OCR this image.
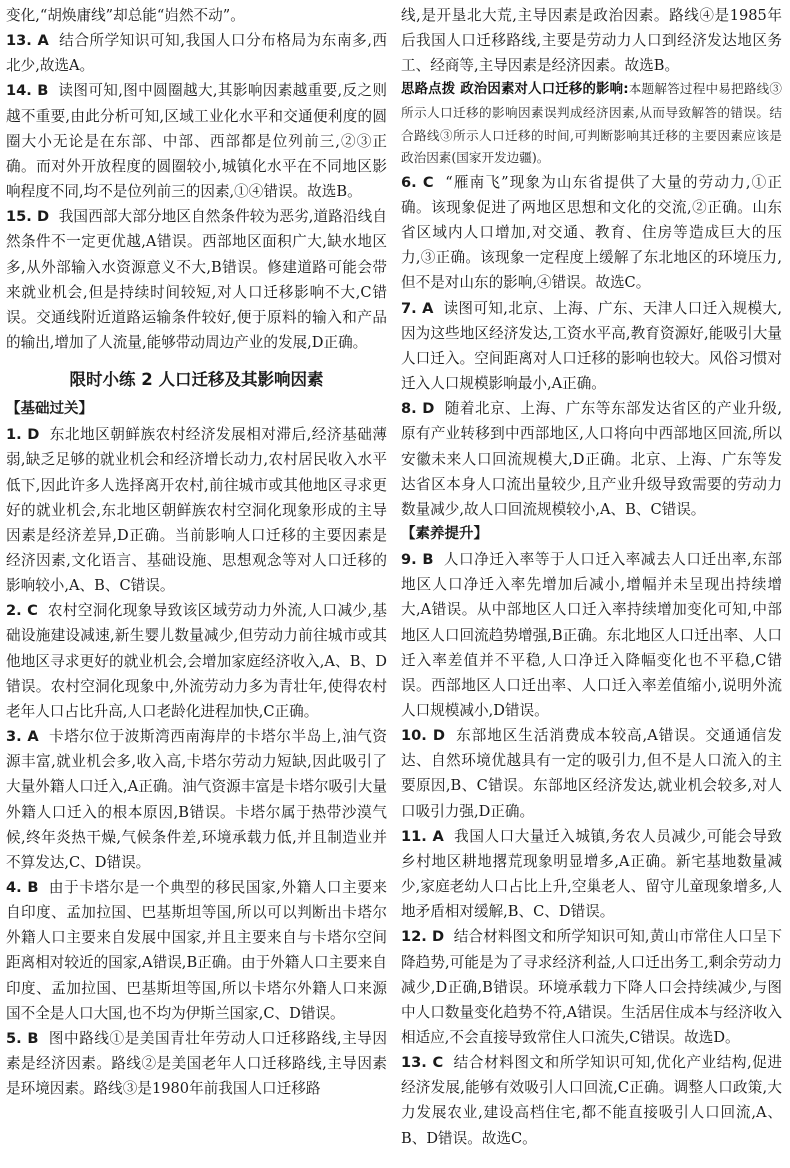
变化,“胡焕庸线”却总能“岿然不动”。

13. A 结合所学知识可知,我国人口分布格局为东南多,西北少,故选A。

14. B 读图可知,图中圆圈越大,其影响因素越重要,反之则越不重要,由此分析可知,区域工业化水平和交通便利度的圆圈大小无论是在东部、中部、西部都是位列前三,②③正确。而对外开放程度的圆圈较小,城镇化水平在不同地区影响程度不同,均不是位列前三的因素,①④错误。故选B。

15. D 我国西部大部分地区自然条件较为恶劣,道路沿线自然条件不一定更优越,A错误。西部地区面积广大,缺水地区多,从外部输入水资源意义不大,B错误。修建道路可能会带来就业机会,但是持续时间较短,对人口迁移影响不大,C错误。交通线附近道路运输条件较好,便于原料的输入和产品的输出,增加了人流量,能够带动周边产业的发展,D正确。

限时小练 2 人口迁移及其影响因素

【基础过关】

1. D 东北地区朝鲜族农村经济发展相对滞后,经济基础薄弱,缺乏足够的就业机会和经济增长动力,农村居民收入水平低下,因此许多人选择离开农村,前往城市或其他地区寻求更好的就业机会,东北地区朝鲜族农村空洞化现象形成的主导因素是经济差异,D正确。当前影响人口迁移的主要因素是经济因素,文化语言、基础设施、思想观念等对人口迁移的影响较小,A、B、C错误。

2. C 农村空洞化现象导致该区域劳动力外流,人口减少,基础设施建设减速,新生婴儿数量减少,但劳动力前往城市或其他地区寻求更好的就业机会,会增加家庭经济收入,A、B、D错误。农村空洞化现象中,外流劳动力多为青壮年,使得农村老年人口占比升高,人口老龄化进程加快,C正确。

3. A 卡塔尔位于波斯湾西南海岸的卡塔尔半岛上,油气资源丰富,就业机会多,收入高,卡塔尔劳动力短缺,因此吸引了大量外籍人口迁入,A正确。油气资源丰富是卡塔尔吸引大量外籍人口迁入的根本原因,B错误。卡塔尔属于热带沙漠气候,终年炎热干燥,气候条件差,环境承载力低,并且制造业并不算发达,C、D错误。

4. B 由于卡塔尔是一个典型的移民国家,外籍人口主要来自印度、孟加拉国、巴基斯坦等国,所以可以判断出卡塔尔外籍人口主要来自发展中国家,并且主要来自与卡塔尔空间距离相对较近的国家,A错误,B正确。由于外籍人口主要来自印度、孟加拉国、巴基斯坦等国,所以卡塔尔外籍人口来源国不全是人口大国,也不均为伊斯兰国家,C、D错误。

5. B 图中路线①是美国青壮年劳动人口迁移路线,主导因素是经济因素。路线②是美国老年人口迁移路线,主导因素是环境因素。路线③是1980年前我国人口迁移路

线,是开垦北大荒,主导因素是政治因素。路线④是1985年后我国人口迁移路线,主要是劳动力人口到经济发达地区务工、经商等,主导因素是经济因素。故选B。

思路点拨 政治因素对人口迁移的影响:本题解答过程中易把路线③所示人口迁移的影响因素误判成经济因素,从而导致解答的错误。结合路线③所示人口迁移的时间,可判断影响其迁移的主要因素应该是政治因素(国家开发边疆)。

6. C “雁南飞”现象为山东省提供了大量的劳动力,①正确。该现象促进了两地区思想和文化的交流,②正确。山东省区域内人口增加,对交通、教育、住房等造成巨大的压力,③正确。该现象一定程度上缓解了东北地区的环境压力,但不是对山东的影响,④错误。故选C。

7. A 读图可知,北京、上海、广东、天津人口迁入规模大,因为这些地区经济发达,工资水平高,教育资源好,能吸引大量人口迁入。空间距离对人口迁移的影响也较大。风俗习惯对迁入人口规模影响最小,A正确。

8. D 随着北京、上海、广东等东部发达省区的产业升级,原有产业转移到中西部地区,人口将向中西部地区回流,所以安徽未来人口回流规模大,D正确。北京、上海、广东等发达省区本身人口流出量较少,且产业升级导致需要的劳动力数量减少,故人口回流规模较小,A、B、C错误。

【素养提升】

9. B 人口净迁入率等于人口迁入率减去人口迁出率,东部地区人口净迁入率先增加后减小,增幅并未呈现出持续增大,A错误。从中部地区人口迁入率持续增加变化可知,中部地区人口回流趋势增强,B正确。东北地区人口迁出率、人口迁入率差值并不平稳,人口净迁入降幅变化也不平稳,C错误。西部地区人口迁出率、人口迁入率差值缩小,说明外流人口规模减小,D错误。

10. D 东部地区生活消费成本较高,A错误。交通通信发达、自然环境优越具有一定的吸引力,但不是人口流入的主要原因,B、C错误。东部地区经济发达,就业机会较多,对人口吸引力强,D正确。

11. A 我国人口大量迁入城镇,务农人员减少,可能会导致乡村地区耕地撂荒现象明显增多,A正确。新宅基地数量减少,家庭老幼人口占比上升,空巢老人、留守儿童现象增多,人地矛盾相对缓解,B、C、D错误。

12. D 结合材料图文和所学知识可知,黄山市常住人口呈下降趋势,可能是为了寻求经济利益,人口迁出务工,剩余劳动力减少,D正确,B错误。环境承载力下降人口会持续减少,与图中人口数量变化趋势不符,A错误。生活居住成本与经济收入相适应,不会直接导致常住人口流失,C错误。故选D。

13. C 结合材料图文和所学知识可知,优化产业结构,促进经济发展,能够有效吸引人口回流,C正确。调整人口政策,大力发展农业,建设高档住宅,都不能直接吸引人口回流,A、B、D错误。故选C。
